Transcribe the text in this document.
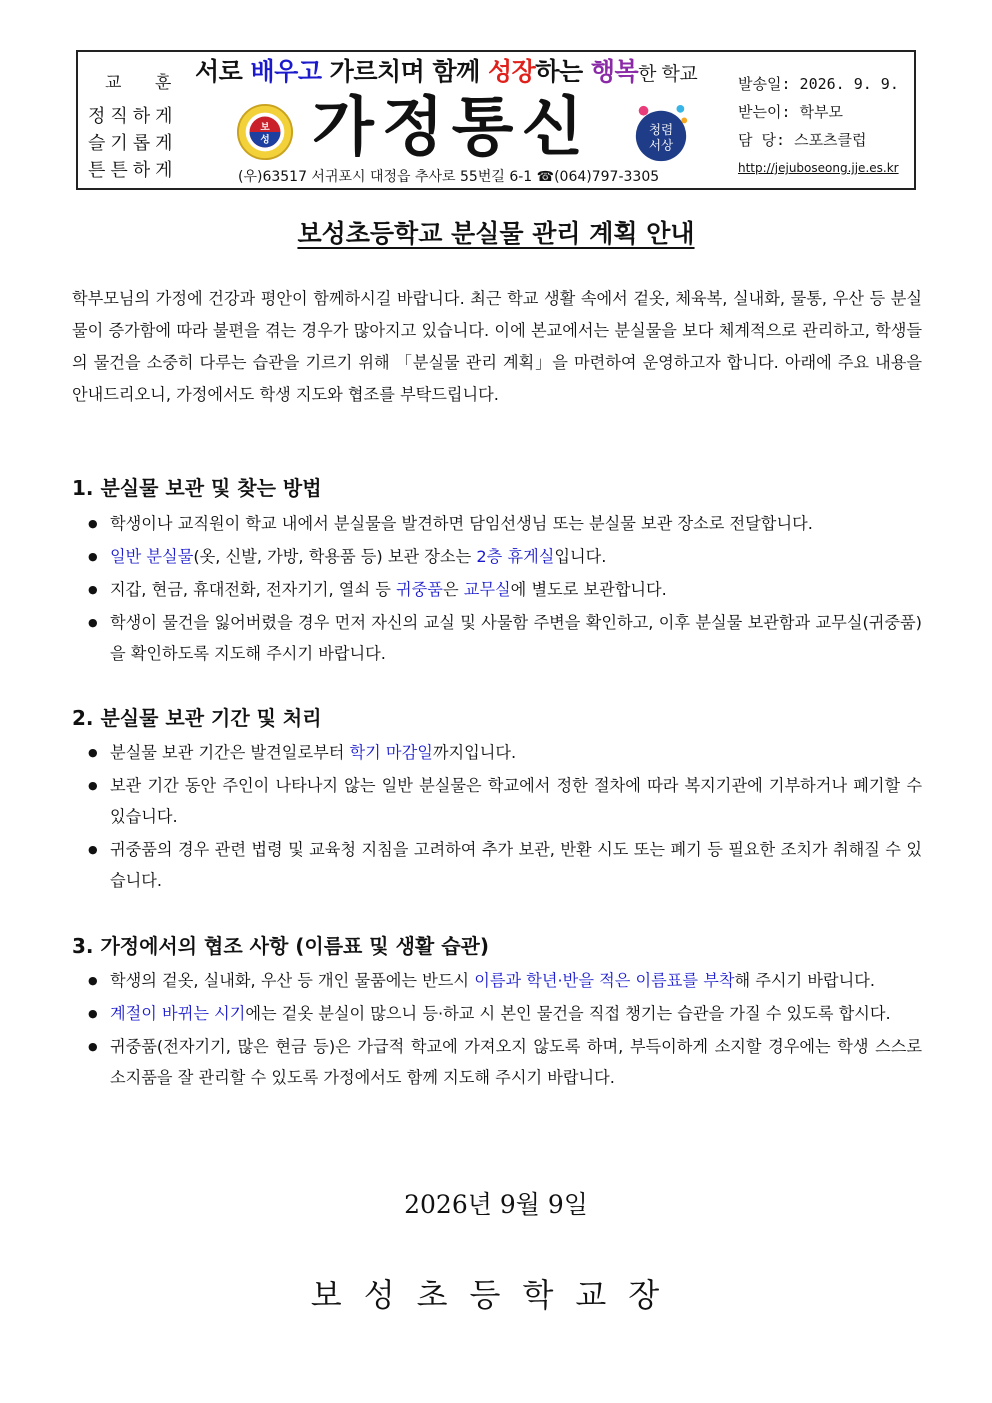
교 훈
정직하게
슬기롭게
튼튼하게
서로 배우고 가르치며 함께 성장하는 행복한 학교
보
성 가정통신	청렴
서상
(우)63517 서귀포시 대정읍 추사로 55번길 6-1 ☎(064)797-3305
발송일: 2026. 9. 9.
받는이: 학부모
담 당: 스포츠클럽
http://jejuboseong.jje.es.kr
보성초등학교 분실물 관리 계획 안내
학부모님의 가정에 건강과 평안이 함께하시길 바랍니다. 최근 학교 생활 속에서 겉옷, 체육복, 실내화, 물통, 우산 등 분실물이 증가함에 따라 불편을 겪는 경우가 많아지고 있습니다. 이에 본교에서는 분실물을 보다 체계적으로 관리하고, 학생들의 물건을 소중히 다루는 습관을 기르기 위해 「분실물 관리 계획」을 마련하여 운영하고자 합니다. 아래에 주요 내용을 안내드리오니, 가정에서도 학생 지도와 협조를 부탁드립니다.
1. 분실물 보관 및 찾는 방법
● 학생이나 교직원이 학교 내에서 분실물을 발견하면 담임선생님 또는 분실물 보관 장소로 전달합니다.
● 일반 분실물(옷, 신발, 가방, 학용품 등) 보관 장소는 2층 휴게실입니다.
● 지갑, 현금, 휴대전화, 전자기기, 열쇠 등 귀중품은 교무실에 별도로 보관합니다.
● 학생이 물건을 잃어버렸을 경우 먼저 자신의 교실 및 사물함 주변을 확인하고, 이후 분실물 보관함과 교무실(귀중품)을 확인하도록 지도해 주시기 바랍니다.
2. 분실물 보관 기간 및 처리
● 분실물 보관 기간은 발견일로부터 학기 마감일까지입니다.
● 보관 기간 동안 주인이 나타나지 않는 일반 분실물은 학교에서 정한 절차에 따라 복지기관에 기부하거나 폐기할 수 있습니다.
● 귀중품의 경우 관련 법령 및 교육청 지침을 고려하여 추가 보관, 반환 시도 또는 폐기 등 필요한 조치가 취해질 수 있습니다.
3. 가정에서의 협조 사항 (이름표 및 생활 습관)
● 학생의 겉옷, 실내화, 우산 등 개인 물품에는 반드시 이름과 학년·반을 적은 이름표를 부착해 주시기 바랍니다.
● 계절이 바뀌는 시기에는 겉옷 분실이 많으니 등·하교 시 본인 물건을 직접 챙기는 습관을 가질 수 있도록 합시다.
● 귀중품(전자기기, 많은 현금 등)은 가급적 학교에 가져오지 않도록 하며, 부득이하게 소지할 경우에는 학생 스스로 소지품을 잘 관리할 수 있도록 가정에서도 함께 지도해 주시기 바랍니다.
2026년 9월 9일
보성초등학교장
